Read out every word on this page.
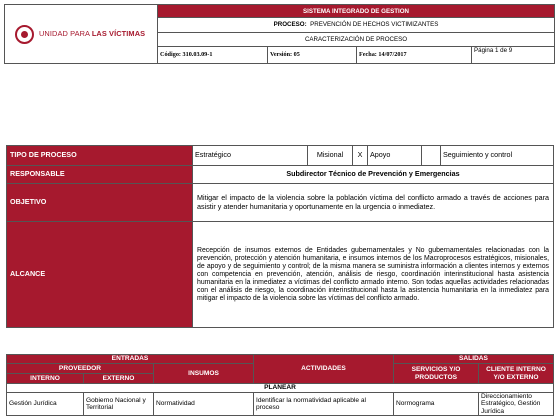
UNIDAD PARA LAS VÍCTIMAS	SISTEMA INTEGRADO DE GESTION			
	PROCESO: PREVENCIÓN DE HECHOS VICTIMIZANTES			
	CARACTERIZACIÓN DE PROCESO			
	Código: 310.03.09-1	Versión: 05	Fecha: 14/07/2017	Página 1 de 9
TIPO DE PROCESO	Estratégico	Misional	X	Apoyo		Seguimiento y control
RESPONSABLE	Subdirector Técnico de Prevención y Emergencias					
OBJETIVO	Mitigar el impacto de la violencia sobre la población víctima del conflicto armado a través de acciones para asistir y atender humanitaria y oportunamente en la urgencia o inmediatez.					
ALCANCE	Recepción de insumos externos de Entidades gubernamentales y No gubernamentales relacionadas con la prevención, protección y atención humanitaria, e insumos internos de los Macroprocesos estratégicos, misionales, de apoyo y de seguimiento y control; de la misma manera se suministra información a clientes internos y externos con competencia en prevención, atención, análisis de riesgo, coordinación interinstitucional hasta asistencia humanitaria en la inmediatez a víctimas del conflicto armado interno. Son todas aquellas actividades relacionadas con el análisis de riesgo, la coordinación interinstitucional hasta la asistencia humanitaria en la inmediatez para mitigar el impacto de la violencia sobre las víctimas del conflicto armado.					
ENTRADAS			ACTIVIDADES	SALIDAS	
PROVEEDOR		INSUMOS		SERVICIOS Y/O PRODUCTOS	CLIENTE INTERNO Y/O EXTERNO
INTERNO	EXTERNO				
PLANEAR					
Gestión Jurídica	Gobierno Nacional y Territorial	Normatividad	Identificar la normatividad aplicable al proceso	Normograma	Direccionamiento Estratégico, Gestión Jurídica
